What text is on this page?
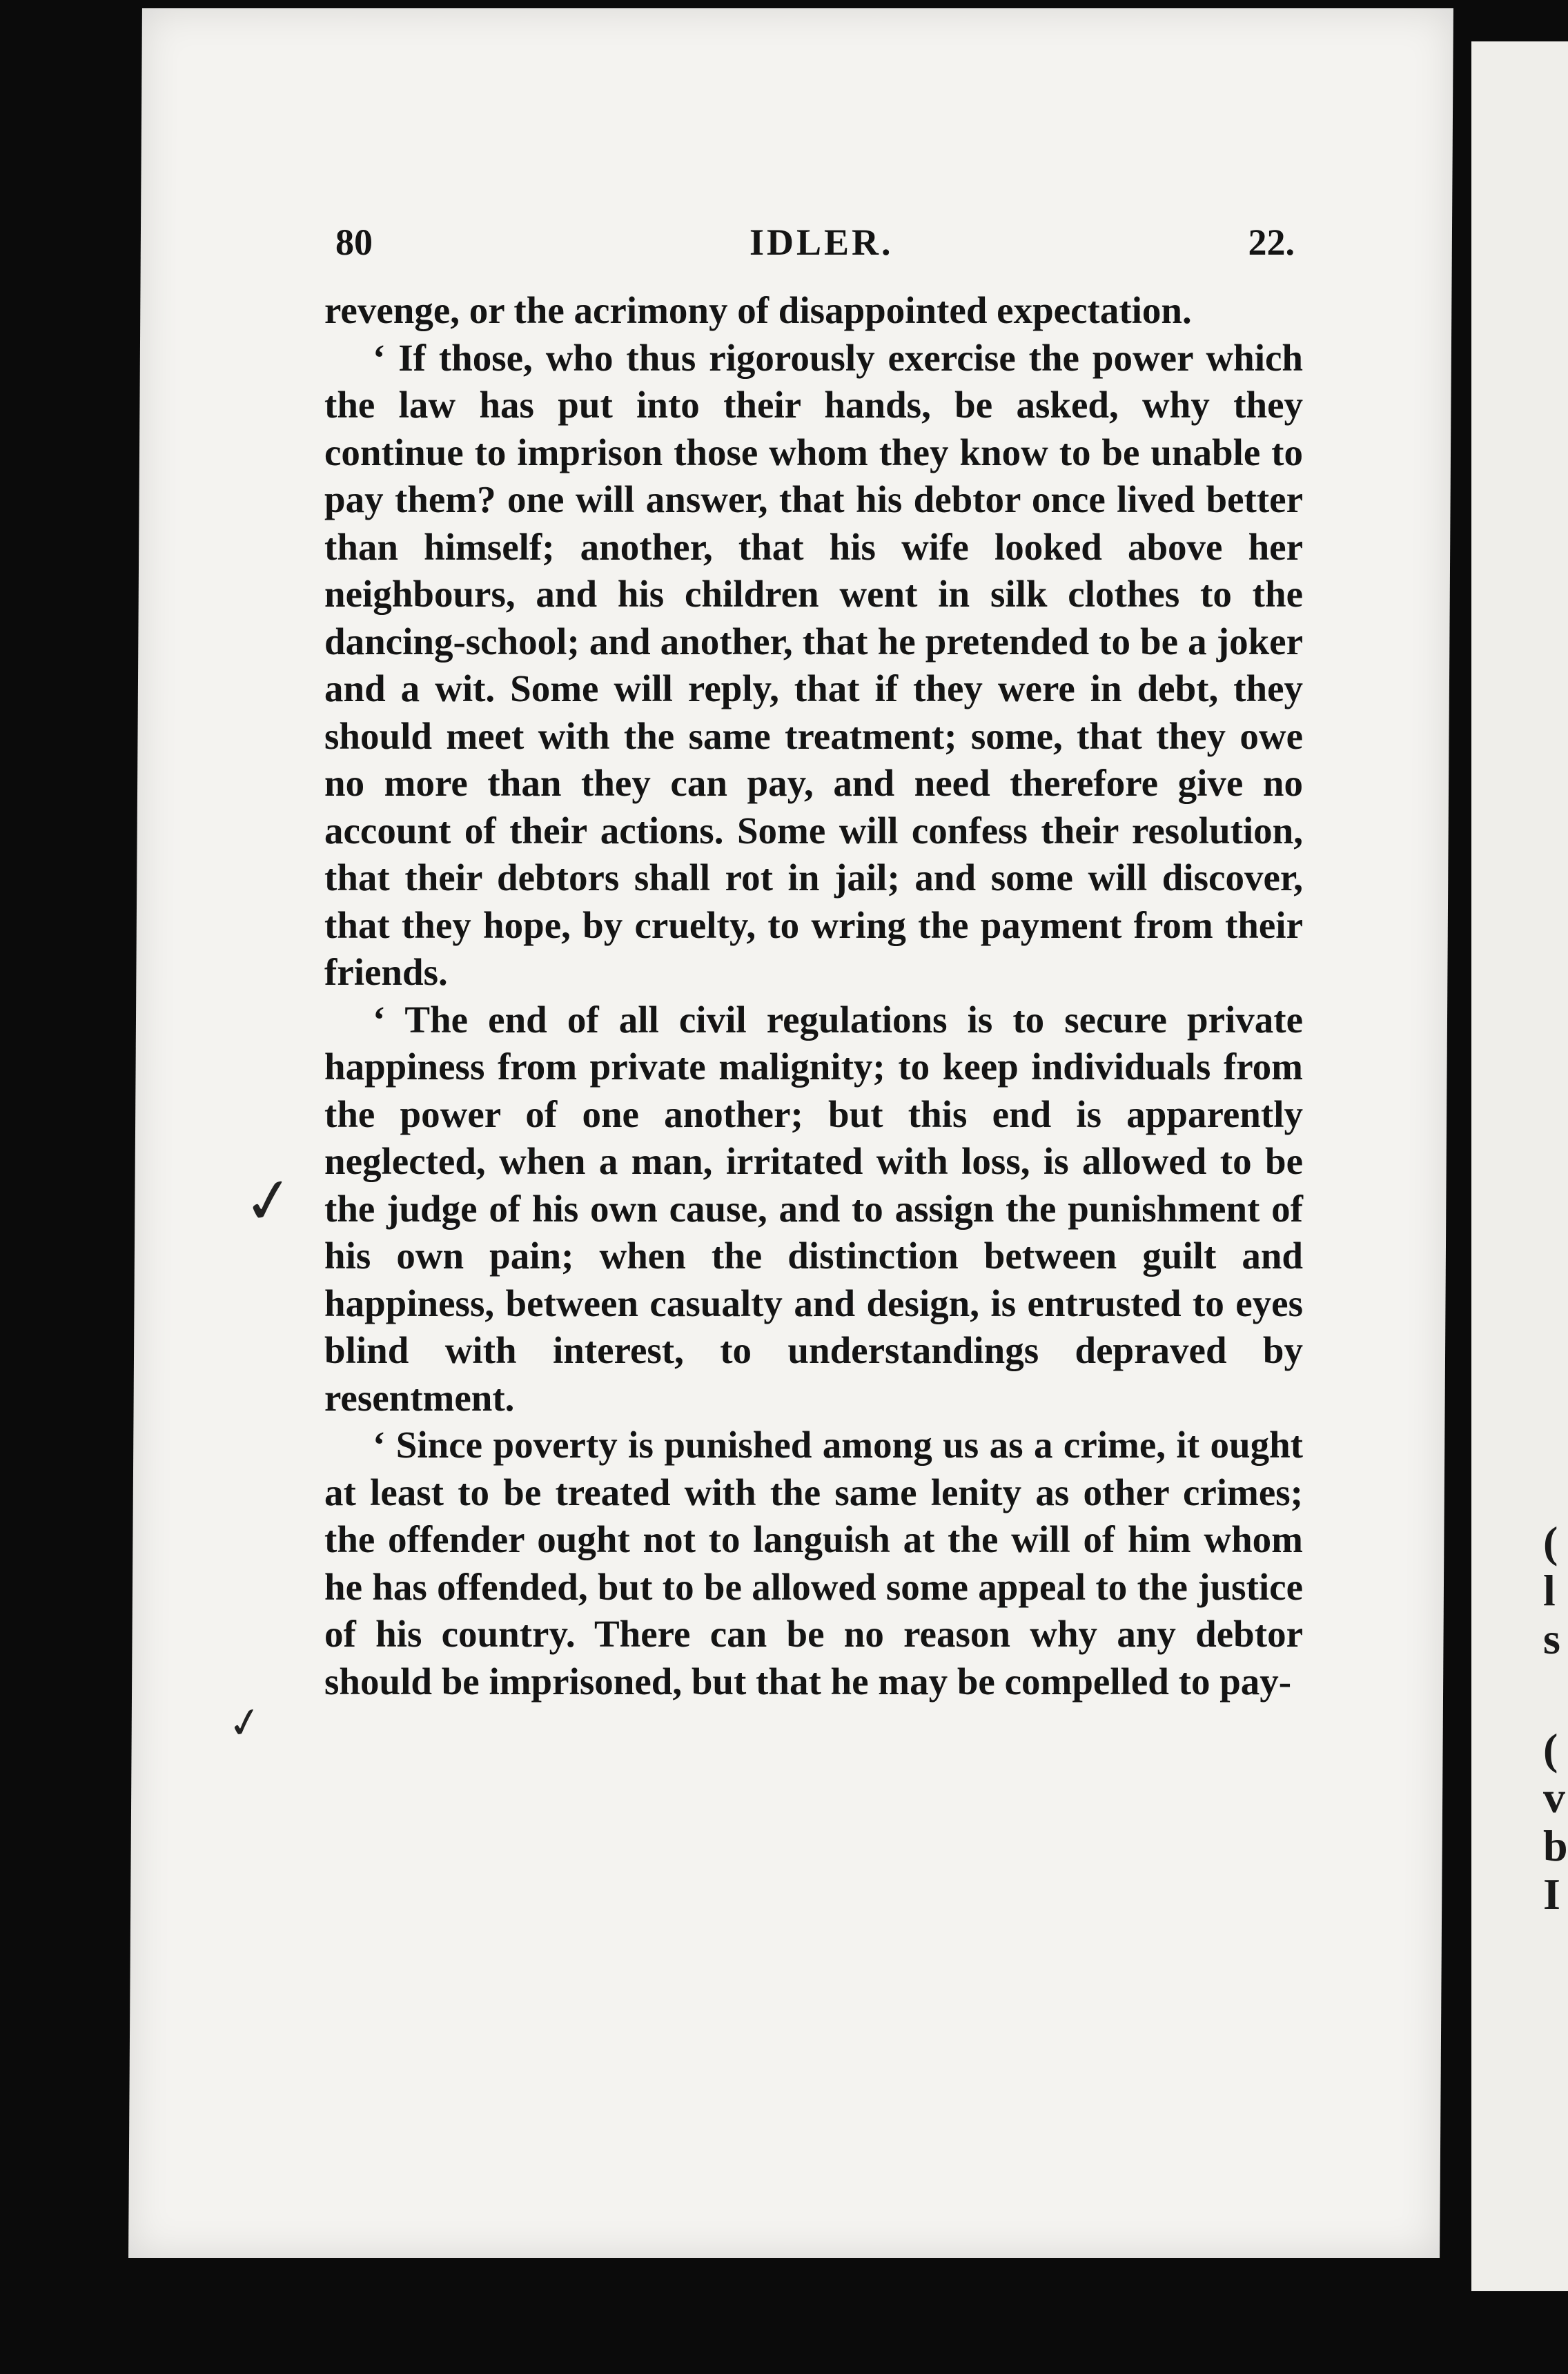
(
l
s
(
v
b
I
80	IDLER.	22.

revenge, or the acrimony of disappointed expectation.

‘ If those, who thus rigorously exercise the power which the law has put into their hands, be asked, why they continue to imprison those whom they know to be unable to pay them? one will answer, that his debtor once lived better than himself; another, that his wife looked above her neighbours, and his children went in silk clothes to the dancing-school; and another, that he pretended to be a joker and a wit. Some will reply, that if they were in debt, they should meet with the same treatment; some, that they owe no more than they can pay, and need therefore give no account of their actions. Some will confess their resolution, that their debtors shall rot in jail; and some will discover, that they hope, by cruelty, to wring the payment from their friends.

‘ The end of all civil regulations is to secure private happiness from private malignity; to keep individuals from the power of one another; but this end is apparently neglected, when a man, irritated with loss, is allowed to be the judge of his own cause, and to assign the punishment of his own pain; when the distinction between guilt and happiness, between casualty and design, is entrusted to eyes blind with interest, to understandings depraved by resentment.

‘ Since poverty is punished among us as a crime, it ought at least to be treated with the same lenity as other crimes; the offender ought not to languish at the will of him whom he has offended, but to be allowed some appeal to the justice of his country. There can be no reason why any debtor should be imprisoned, but that he may be compelled to pay-

✓
✓
